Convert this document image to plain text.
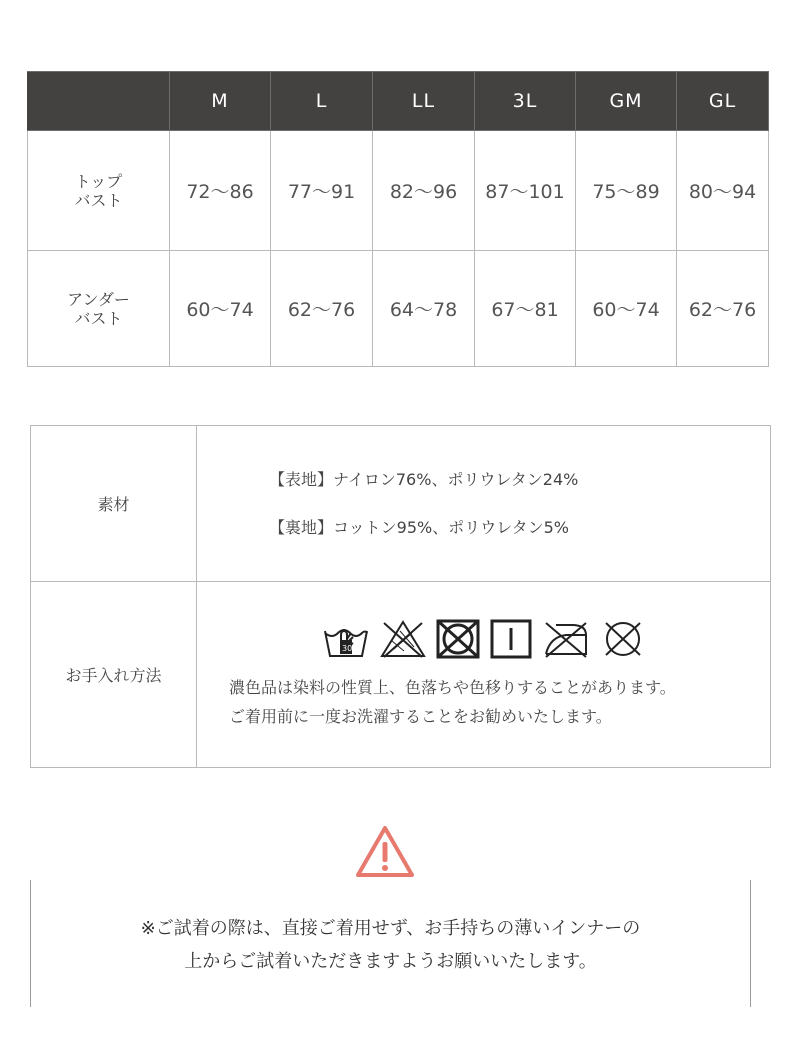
	M	L	LL	3L	GM	GL

トップ
バスト	72〜86	77〜91	82〜96	87〜101	75〜89	80〜94

アンダー
バスト	60〜74	62〜76	64〜78	67〜81	60〜74	62〜76
素材	【表地】ナイロン76%、ポリウレタン24%
【裏地】コットン95%、ポリウレタン5%

お手入れ方法	30
濃色品は染料の性質上、色落ちや色移りすることがあります。
ご着用前に一度お洗濯することをお勧めいたします。
※ご試着の際は、直接ご着用せず、お手持ちの薄いインナーの
上からご試着いただきますようお願いいたします。
